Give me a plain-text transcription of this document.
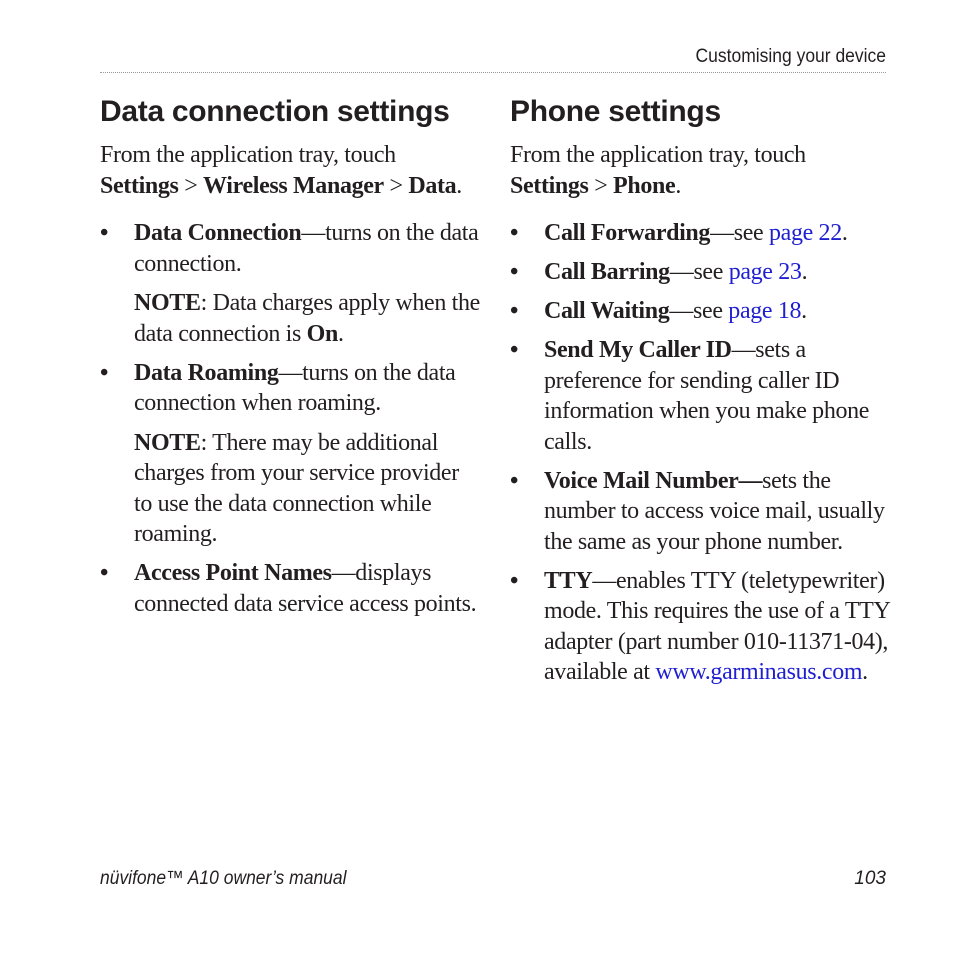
Customising your device
Data connection settings

From the application tray, touch
Settings > Wireless Manager > Data.

• Data Connection—turns on the data connection.

NOTE: Data charges apply when the data connection is On.

• Data Roaming—turns on the data connection when roaming.

NOTE: There may be additional charges from your service provider to use the data connection while roaming.

• Access Point Names—displays connected data service access points.
Phone settings

From the application tray, touch
Settings > Phone.

• Call Forwarding—see page 22.
• Call Barring—see page 23.
• Call Waiting—see page 18.
• Send My Caller ID—sets a preference for sending caller ID information when you make phone calls.
• Voice Mail Number—sets the number to access voice mail, usually the same as your phone number.
• TTY—enables TTY (teletypewriter) mode. This requires the use of a TTY adapter (part number 010-11371-04), available at www.garminasus.com.
nüvifone™ A10 owner’s manual	103
